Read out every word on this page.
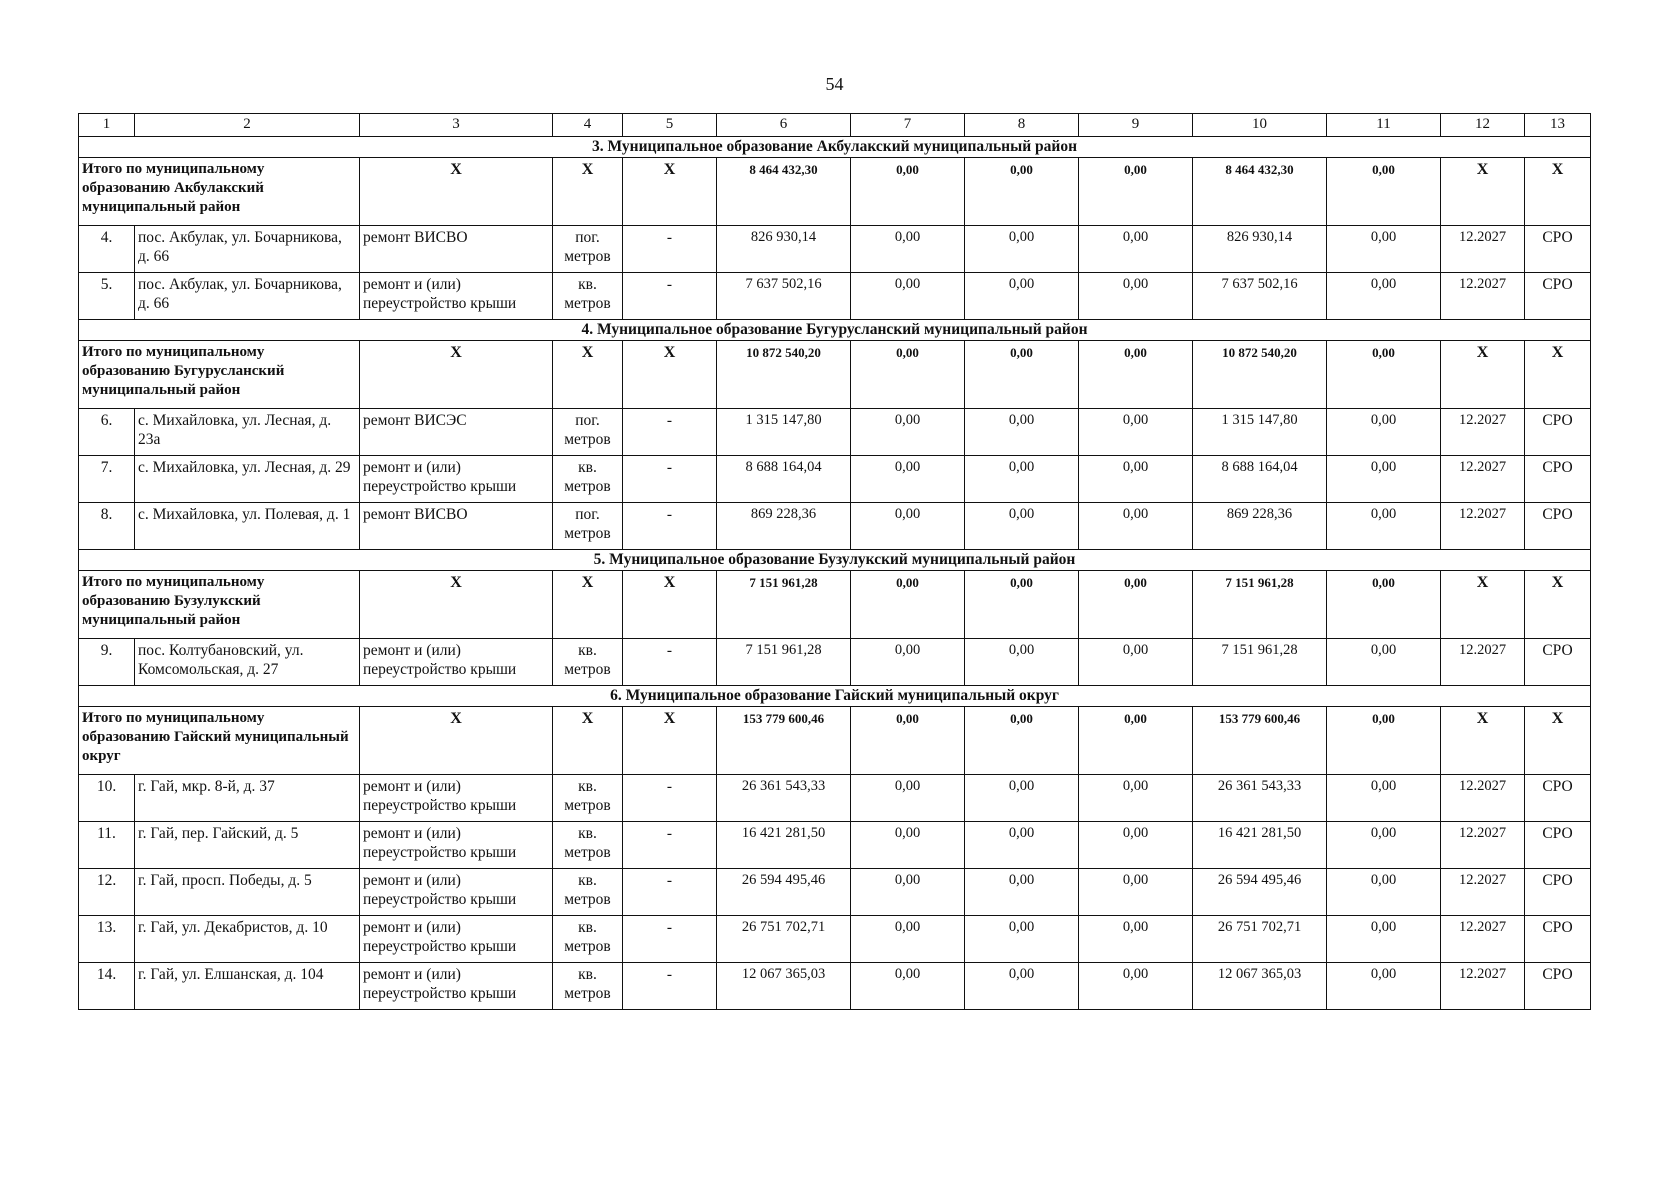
54
1	2	3	4	5	6	7	8	9	10	11	12	13
3. Муниципальное образование Акбулакский муниципальный район												
Итого по муниципальному образованию Акбулакский муниципальный район		X	X	X	8 464 432,30	0,00	0,00	0,00	8 464 432,30	0,00	X	X
4.	пос. Акбулак, ул. Бочарникова, д. 66	ремонт ВИСВО	пог. метров	-	826 930,14	0,00	0,00	0,00	826 930,14	0,00	12.2027	СРО
5.	пос. Акбулак, ул. Бочарникова, д. 66	ремонт и (или) переустройство крыши	кв. метров	-	7 637 502,16	0,00	0,00	0,00	7 637 502,16	0,00	12.2027	СРО
4. Муниципальное образование Бугурусланский муниципальный район												
Итого по муниципальному образованию Бугурусланский муниципальный район		X	X	X	10 872 540,20	0,00	0,00	0,00	10 872 540,20	0,00	X	X
6.	с. Михайловка, ул. Лесная, д. 23а	ремонт ВИСЭС	пог. метров	-	1 315 147,80	0,00	0,00	0,00	1 315 147,80	0,00	12.2027	СРО
7.	с. Михайловка, ул. Лесная, д. 29	ремонт и (или) переустройство крыши	кв. метров	-	8 688 164,04	0,00	0,00	0,00	8 688 164,04	0,00	12.2027	СРО
8.	с. Михайловка, ул. Полевая, д. 1	ремонт ВИСВО	пог. метров	-	869 228,36	0,00	0,00	0,00	869 228,36	0,00	12.2027	СРО
5. Муниципальное образование Бузулукский муниципальный район												
Итого по муниципальному образованию Бузулукский муниципальный район		X	X	X	7 151 961,28	0,00	0,00	0,00	7 151 961,28	0,00	X	X
9.	пос. Колтубановский, ул. Комсомольская, д. 27	ремонт и (или) переустройство крыши	кв. метров	-	7 151 961,28	0,00	0,00	0,00	7 151 961,28	0,00	12.2027	СРО
6. Муниципальное образование Гайский муниципальный округ												
Итого по муниципальному образованию Гайский муниципальный округ		X	X	X	153 779 600,46	0,00	0,00	0,00	153 779 600,46	0,00	X	X
10.	г. Гай, мкр. 8-й, д. 37	ремонт и (или) переустройство крыши	кв. метров	-	26 361 543,33	0,00	0,00	0,00	26 361 543,33	0,00	12.2027	СРО
11.	г. Гай, пер. Гайский, д. 5	ремонт и (или) переустройство крыши	кв. метров	-	16 421 281,50	0,00	0,00	0,00	16 421 281,50	0,00	12.2027	СРО
12.	г. Гай, просп. Победы, д. 5	ремонт и (или) переустройство крыши	кв. метров	-	26 594 495,46	0,00	0,00	0,00	26 594 495,46	0,00	12.2027	СРО
13.	г. Гай, ул. Декабристов, д. 10	ремонт и (или) переустройство крыши	кв. метров	-	26 751 702,71	0,00	0,00	0,00	26 751 702,71	0,00	12.2027	СРО
14.	г. Гай, ул. Елшанская, д. 104	ремонт и (или) переустройство крыши	кв. метров	-	12 067 365,03	0,00	0,00	0,00	12 067 365,03	0,00	12.2027	СРО
